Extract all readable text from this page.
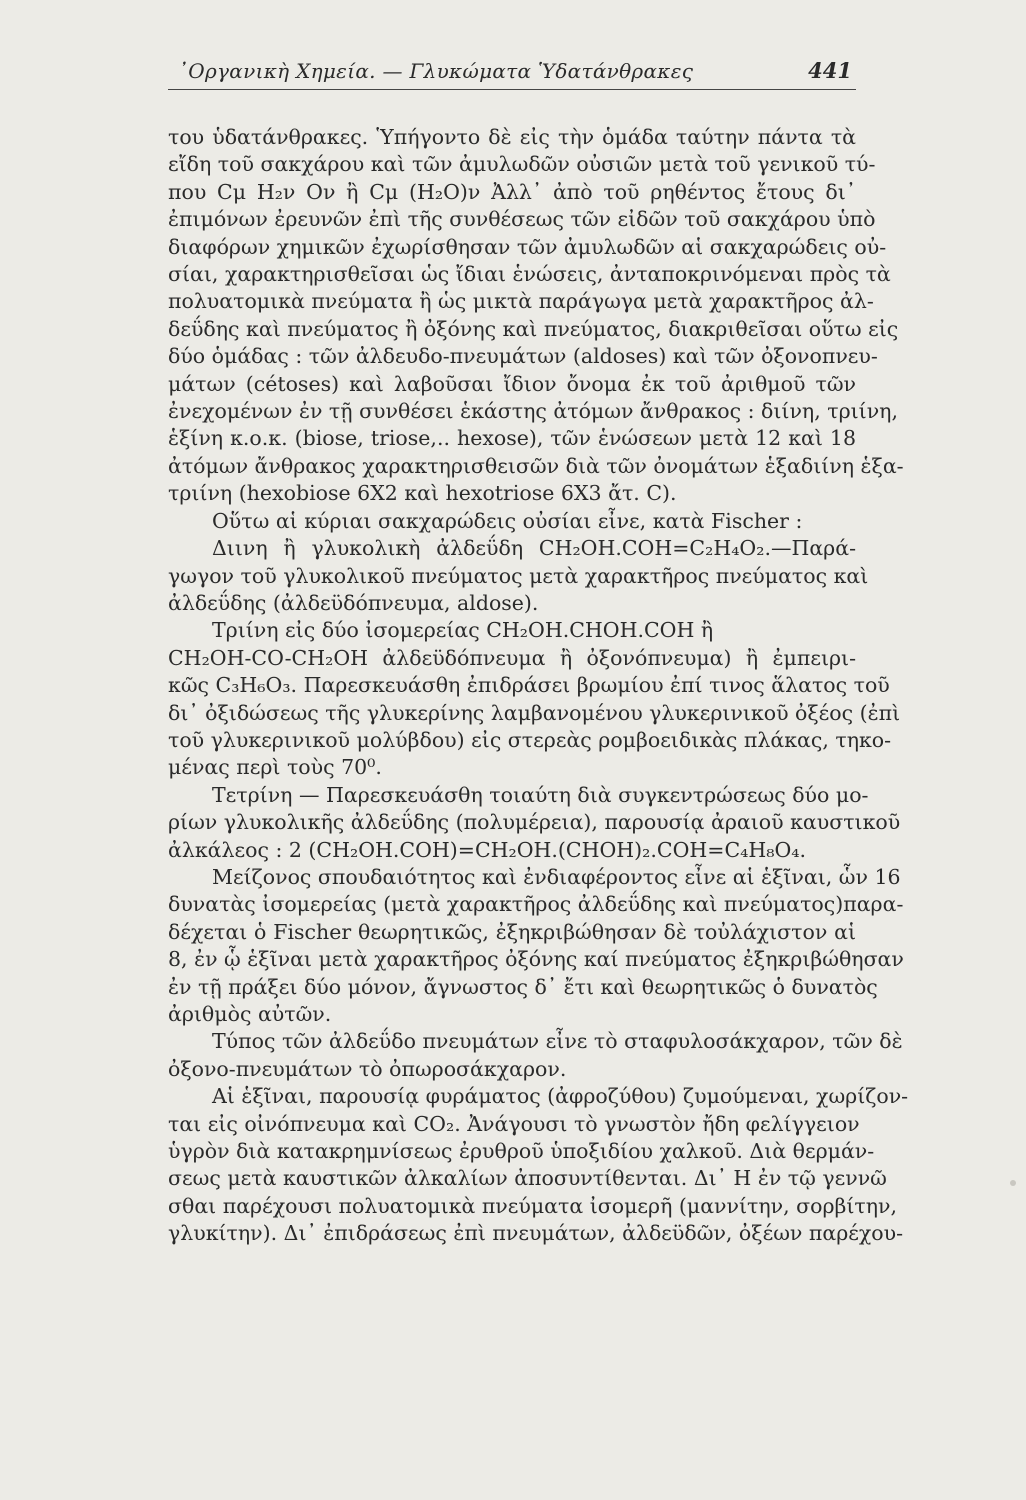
᾽Οργανικὴ Χημεία. — Γλυκώματα Ὑδατάνθρακες	441
του ὑδατάνθρακες. Ὑπήγοντο δὲ εἰς τὴν ὁμάδα ταύτην πάντα τὰ
εἴδη τοῦ σακχάρου καὶ τῶν ἀμυλωδῶν οὐσιῶν μετὰ τοῦ γενικοῦ τύ-
που Cμ H₂ν Oν ἢ Cμ (H₂O)ν Ἀλλ᾽ ἀπὸ τοῦ ρηθέντος ἔτους δι᾽
ἐπιμόνων ἐρευνῶν ἐπὶ τῆς συνθέσεως τῶν εἰδῶν τοῦ σακχάρου ὑπὸ
διαφόρων χημικῶν ἐχωρίσθησαν τῶν ἀμυλωδῶν αἱ σακχαρώδεις οὐ-
σίαι, χαρακτηρισθεῖσαι ὡς ἴδιαι ἑνώσεις, ἀνταποκρινόμεναι πρὸς τὰ
πολυατομικὰ πνεύματα ἢ ὡς μικτὰ παράγωγα μετὰ χαρακτῆρος ἀλ-
δεΰδης καὶ πνεύματος ἢ ὀξόνης καὶ πνεύματος, διακριθεῖσαι οὕτω εἰς
δύο ὁμάδας : τῶν ἀλδευδο-πνευμάτων (aldoses) καὶ τῶν ὀξονοπνευ-
μάτων (cétoses) καὶ λαβοῦσαι ἴδιον ὄνομα ἐκ τοῦ ἀριθμοῦ τῶν
ἐνεχομένων ἐν τῇ συνθέσει ἑκάστης ἀτόμων ἄνθρακος : διίνη, τριίνη,
ἑξίνη κ.ο.κ. (biose, triose,.. hexose), τῶν ἑνώσεων μετὰ 12 καὶ 18
ἀτόμων ἄνθρακος χαρακτηρισθεισῶν διὰ τῶν ὀνομάτων ἑξαδιίνη ἑξα-
τριίνη (hexobiose 6X2 καὶ hexotriose 6X3 ἄτ. C).
Οὕτω αἱ κύριαι σακχαρώδεις οὐσίαι εἶνε, κατὰ Fischer :
Διινη ἢ γλυκολικὴ ἀλδεΰδη CH₂OH.COH=C₂H₄O₂.—Παρά-
γωγον τοῦ γλυκολικοῦ πνεύματος μετὰ χαρακτῆρος πνεύματος καὶ
ἀλδεΰδης (ἀλδεϋδόπνευμα, aldose).
Τριίνη εἰς δύο ἰσομερείας CH₂OH.CHOH.COH ἢ
CH₂OH-CO-CH₂OH ἀλδεϋδόπνευμα ἢ ὀξονόπνευμα) ἢ ἐμπειρι-
κῶς C₃H₆O₃. Παρεσκευάσθη ἐπιδράσει βρωμίου ἐπί τινος ἅλατος τοῦ
δι᾽ ὀξιδώσεως τῆς γλυκερίνης λαμβανομένου γλυκερινικοῦ ὀξέος (ἐπὶ
τοῦ γλυκερινικοῦ μολύβδου) εἰς στερεὰς ρομβοειδικὰς πλάκας, τηκο-
μένας περὶ τοὺς 70⁰.
Τετρίνη — Παρεσκευάσθη τοιαύτη διὰ συγκεντρώσεως δύο μο-
ρίων γλυκολικῆς ἀλδεΰδης (πολυμέρεια), παρουσίᾳ ἀραιοῦ καυστικοῦ
ἀλκάλεος : 2 (CH₂OH.COH)=CH₂OH.(CHOH)₂.COH=C₄H₈O₄.
Μείζονος σπουδαιότητος καὶ ἐνδιαφέροντος εἶνε αἱ ἑξῖναι, ὧν 16
δυνατὰς ἰσομερείας (μετὰ χαρακτῆρος ἀλδεΰδης καὶ πνεύματος)παρα-
δέχεται ὁ Fischer θεωρητικῶς, ἐξηκριβώθησαν δὲ τοὐλάχιστον αἱ
8, ἐν ᾧ ἑξῖναι μετὰ χαρακτῆρος ὀξόνης καί πνεύματος ἐξηκριβώθησαν
ἐν τῇ πράξει δύο μόνον, ἄγνωστος δ᾽ ἔτι καὶ θεωρητικῶς ὁ δυνατὸς
ἀριθμὸς αὐτῶν.
Τύπος τῶν ἀλδεΰδο πνευμάτων εἶνε τὸ σταφυλοσάκχαρον, τῶν δὲ
ὀξονο-πνευμάτων τὸ ὀπωροσάκχαρον.
Αἱ ἑξῖναι, παρουσίᾳ φυράματος (ἀφροζύθου) ζυμούμεναι, χωρίζον-
ται εἰς οἰνόπνευμα καὶ CO₂. Ἀνάγουσι τὸ γνωστὸν ἤδη φελίγγειον
ὑγρὸν διὰ κατακρημνίσεως ἐρυθροῦ ὑποξιδίου χαλκοῦ. Διὰ θερμάν-
σεως μετὰ καυστικῶν ἀλκαλίων ἀποσυντίθενται. Δι᾽ H ἐν τῷ γεννῶ
σθαι παρέχουσι πολυατομικὰ πνεύματα ἰσομερῆ (μαννίτην, σορβίτην,
γλυκίτην). Δι᾽ ἐπιδράσεως ἐπὶ πνευμάτων, ἀλδεϋδῶν, ὀξέων παρέχου-
